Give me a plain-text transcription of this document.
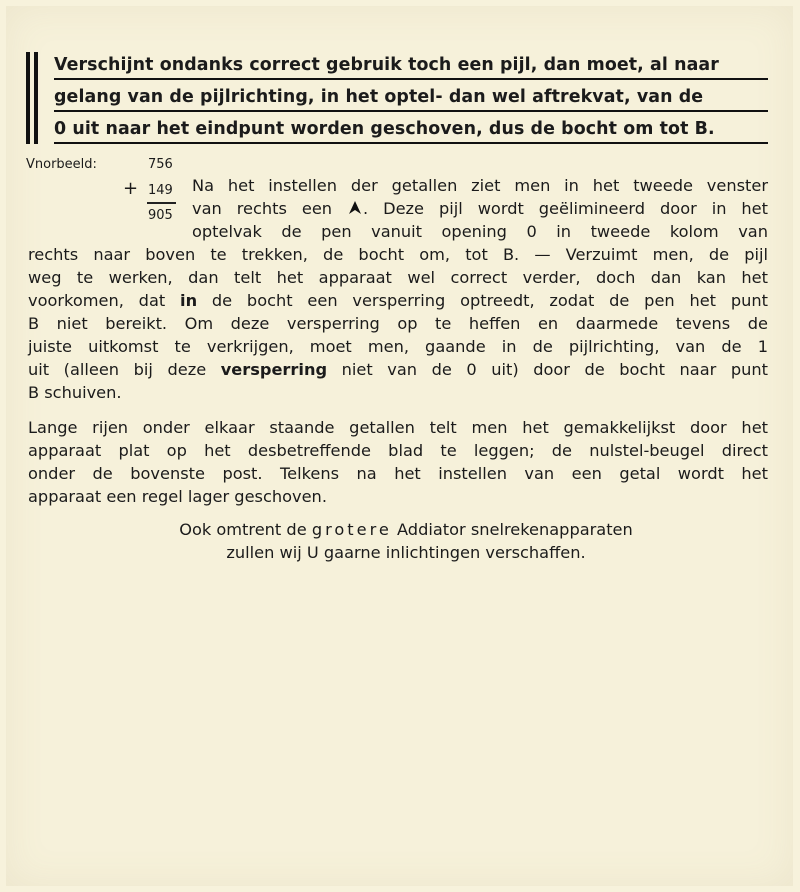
Verschijnt ondanks correct gebruik toch een pijl, dan moet, al naar
gelang van de pijlrichting, in het optel- dan wel aftrekvat, van de
0 uit naar het eindpunt worden geschoven, dus de bocht om tot B.
Vnorbeeld:	756
+ 149
905
Na het instellen der getallen ziet men in het tweede venster
van rechts een . Deze pijl wordt geëlimineerd door in het
optelvak de pen vanuit opening 0 in tweede kolom van
rechts naar boven te trekken, de bocht om, tot B. — Verzuimt men, de pijl
weg te werken, dan telt het apparaat wel correct verder, doch dan kan het
voorkomen, dat in de bocht een versperring optreedt, zodat de pen het punt
B niet bereikt. Om deze versperring op te heffen en daarmede tevens de
juiste uitkomst te verkrijgen, moet men, gaande in de pijlrichting, van de 1
uit (alleen bij deze versperring niet van de 0 uit) door de bocht naar punt
B schuiven.
Lange rijen onder elkaar staande getallen telt men het gemakkelijkst door het
apparaat plat op het desbetreffende blad te leggen; de nulstel-beugel direct
onder de bovenste post. Telkens na het instellen van een getal wordt het
apparaat een regel lager geschoven.
Ook omtrent de grotere Addiator snelrekenapparaten
zullen wij U gaarne inlichtingen verschaffen.
